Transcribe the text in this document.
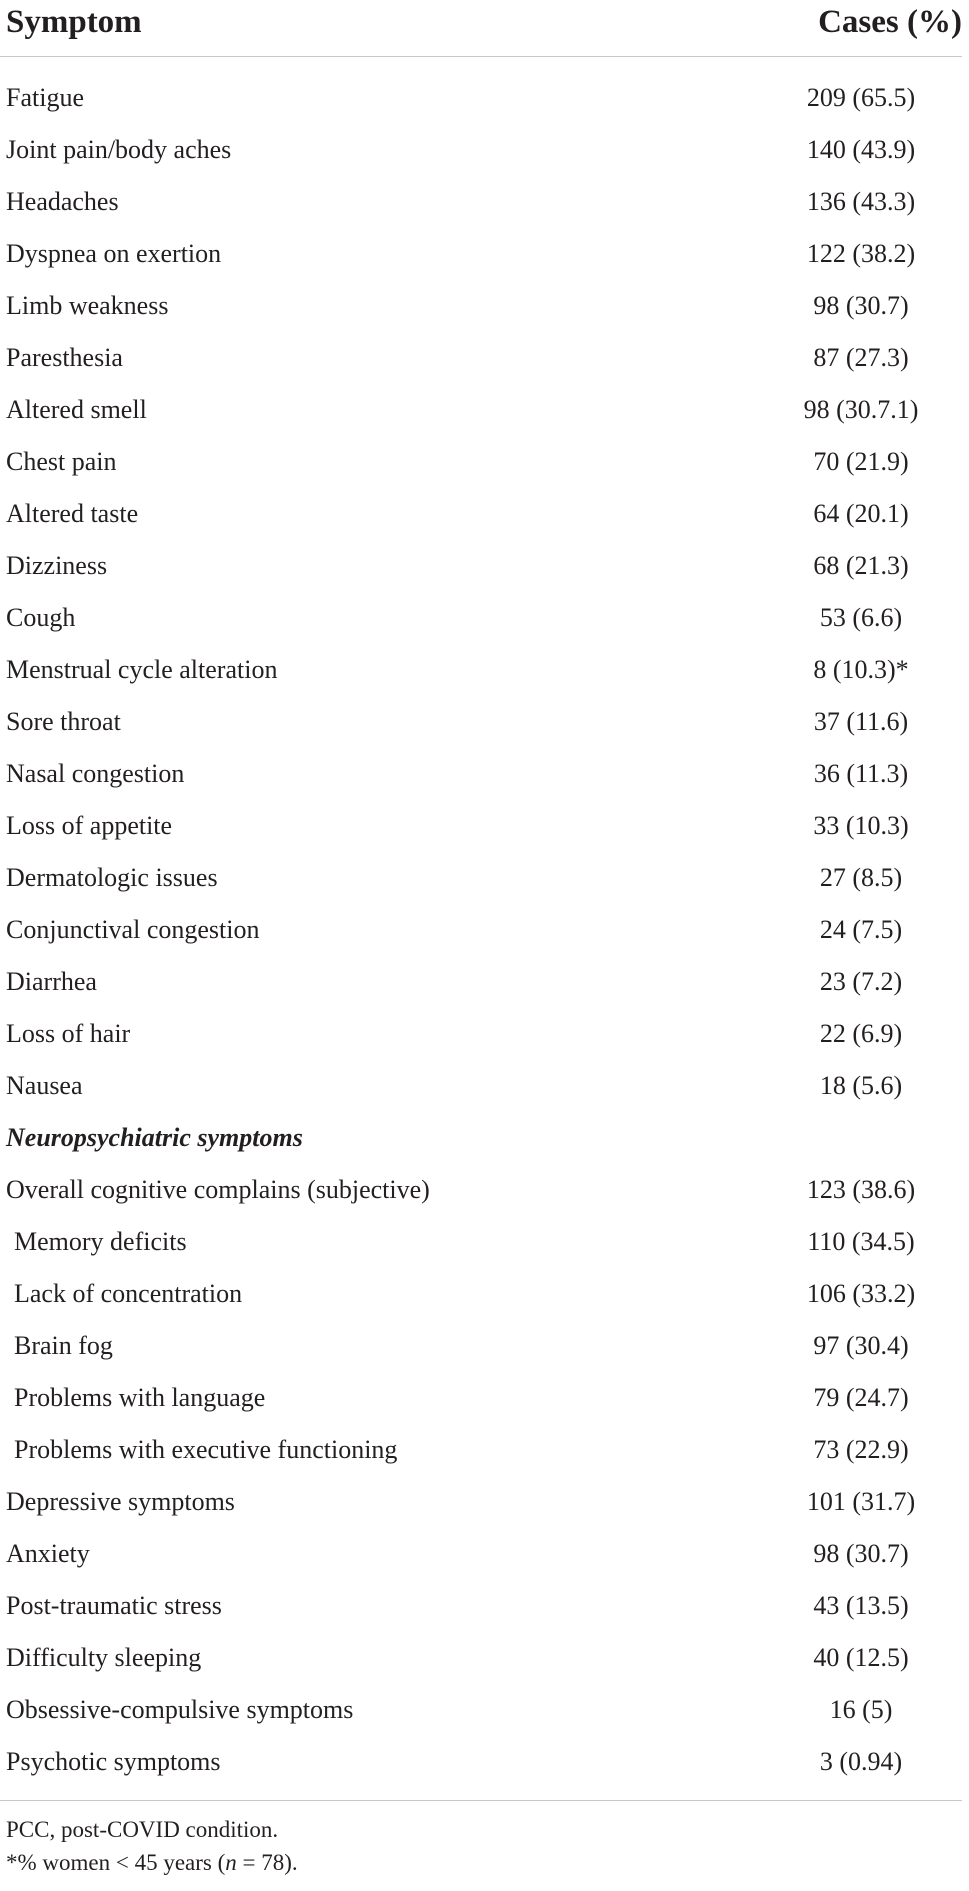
Symptom	Cases (%)
Fatigue	209 (65.5)
Joint pain/body aches	140 (43.9)
Headaches	136 (43.3)
Dyspnea on exertion	122 (38.2)
Limb weakness	98 (30.7)
Paresthesia	87 (27.3)
Altered smell	98 (30.7.1)
Chest pain	70 (21.9)
Altered taste	64 (20.1)
Dizziness	68 (21.3)
Cough	53 (6.6)
Menstrual cycle alteration	8 (10.3)*
Sore throat	37 (11.6)
Nasal congestion	36 (11.3)
Loss of appetite	33 (10.3)
Dermatologic issues	27 (8.5)
Conjunctival congestion	24 (7.5)
Diarrhea	23 (7.2)
Loss of hair	22 (6.9)
Nausea	18 (5.6)
Neuropsychiatric symptoms
Overall cognitive complains (subjective)	123 (38.6)
Memory deficits	110 (34.5)
Lack of concentration	106 (33.2)
Brain fog	97 (30.4)
Problems with language	79 (24.7)
Problems with executive functioning	73 (22.9)
Depressive symptoms	101 (31.7)
Anxiety	98 (30.7)
Post-traumatic stress	43 (13.5)
Difficulty sleeping	40 (12.5)
Obsessive-compulsive symptoms	16 (5)
Psychotic symptoms	3 (0.94)
PCC, post-COVID condition.
*% women < 45 years (n = 78).
